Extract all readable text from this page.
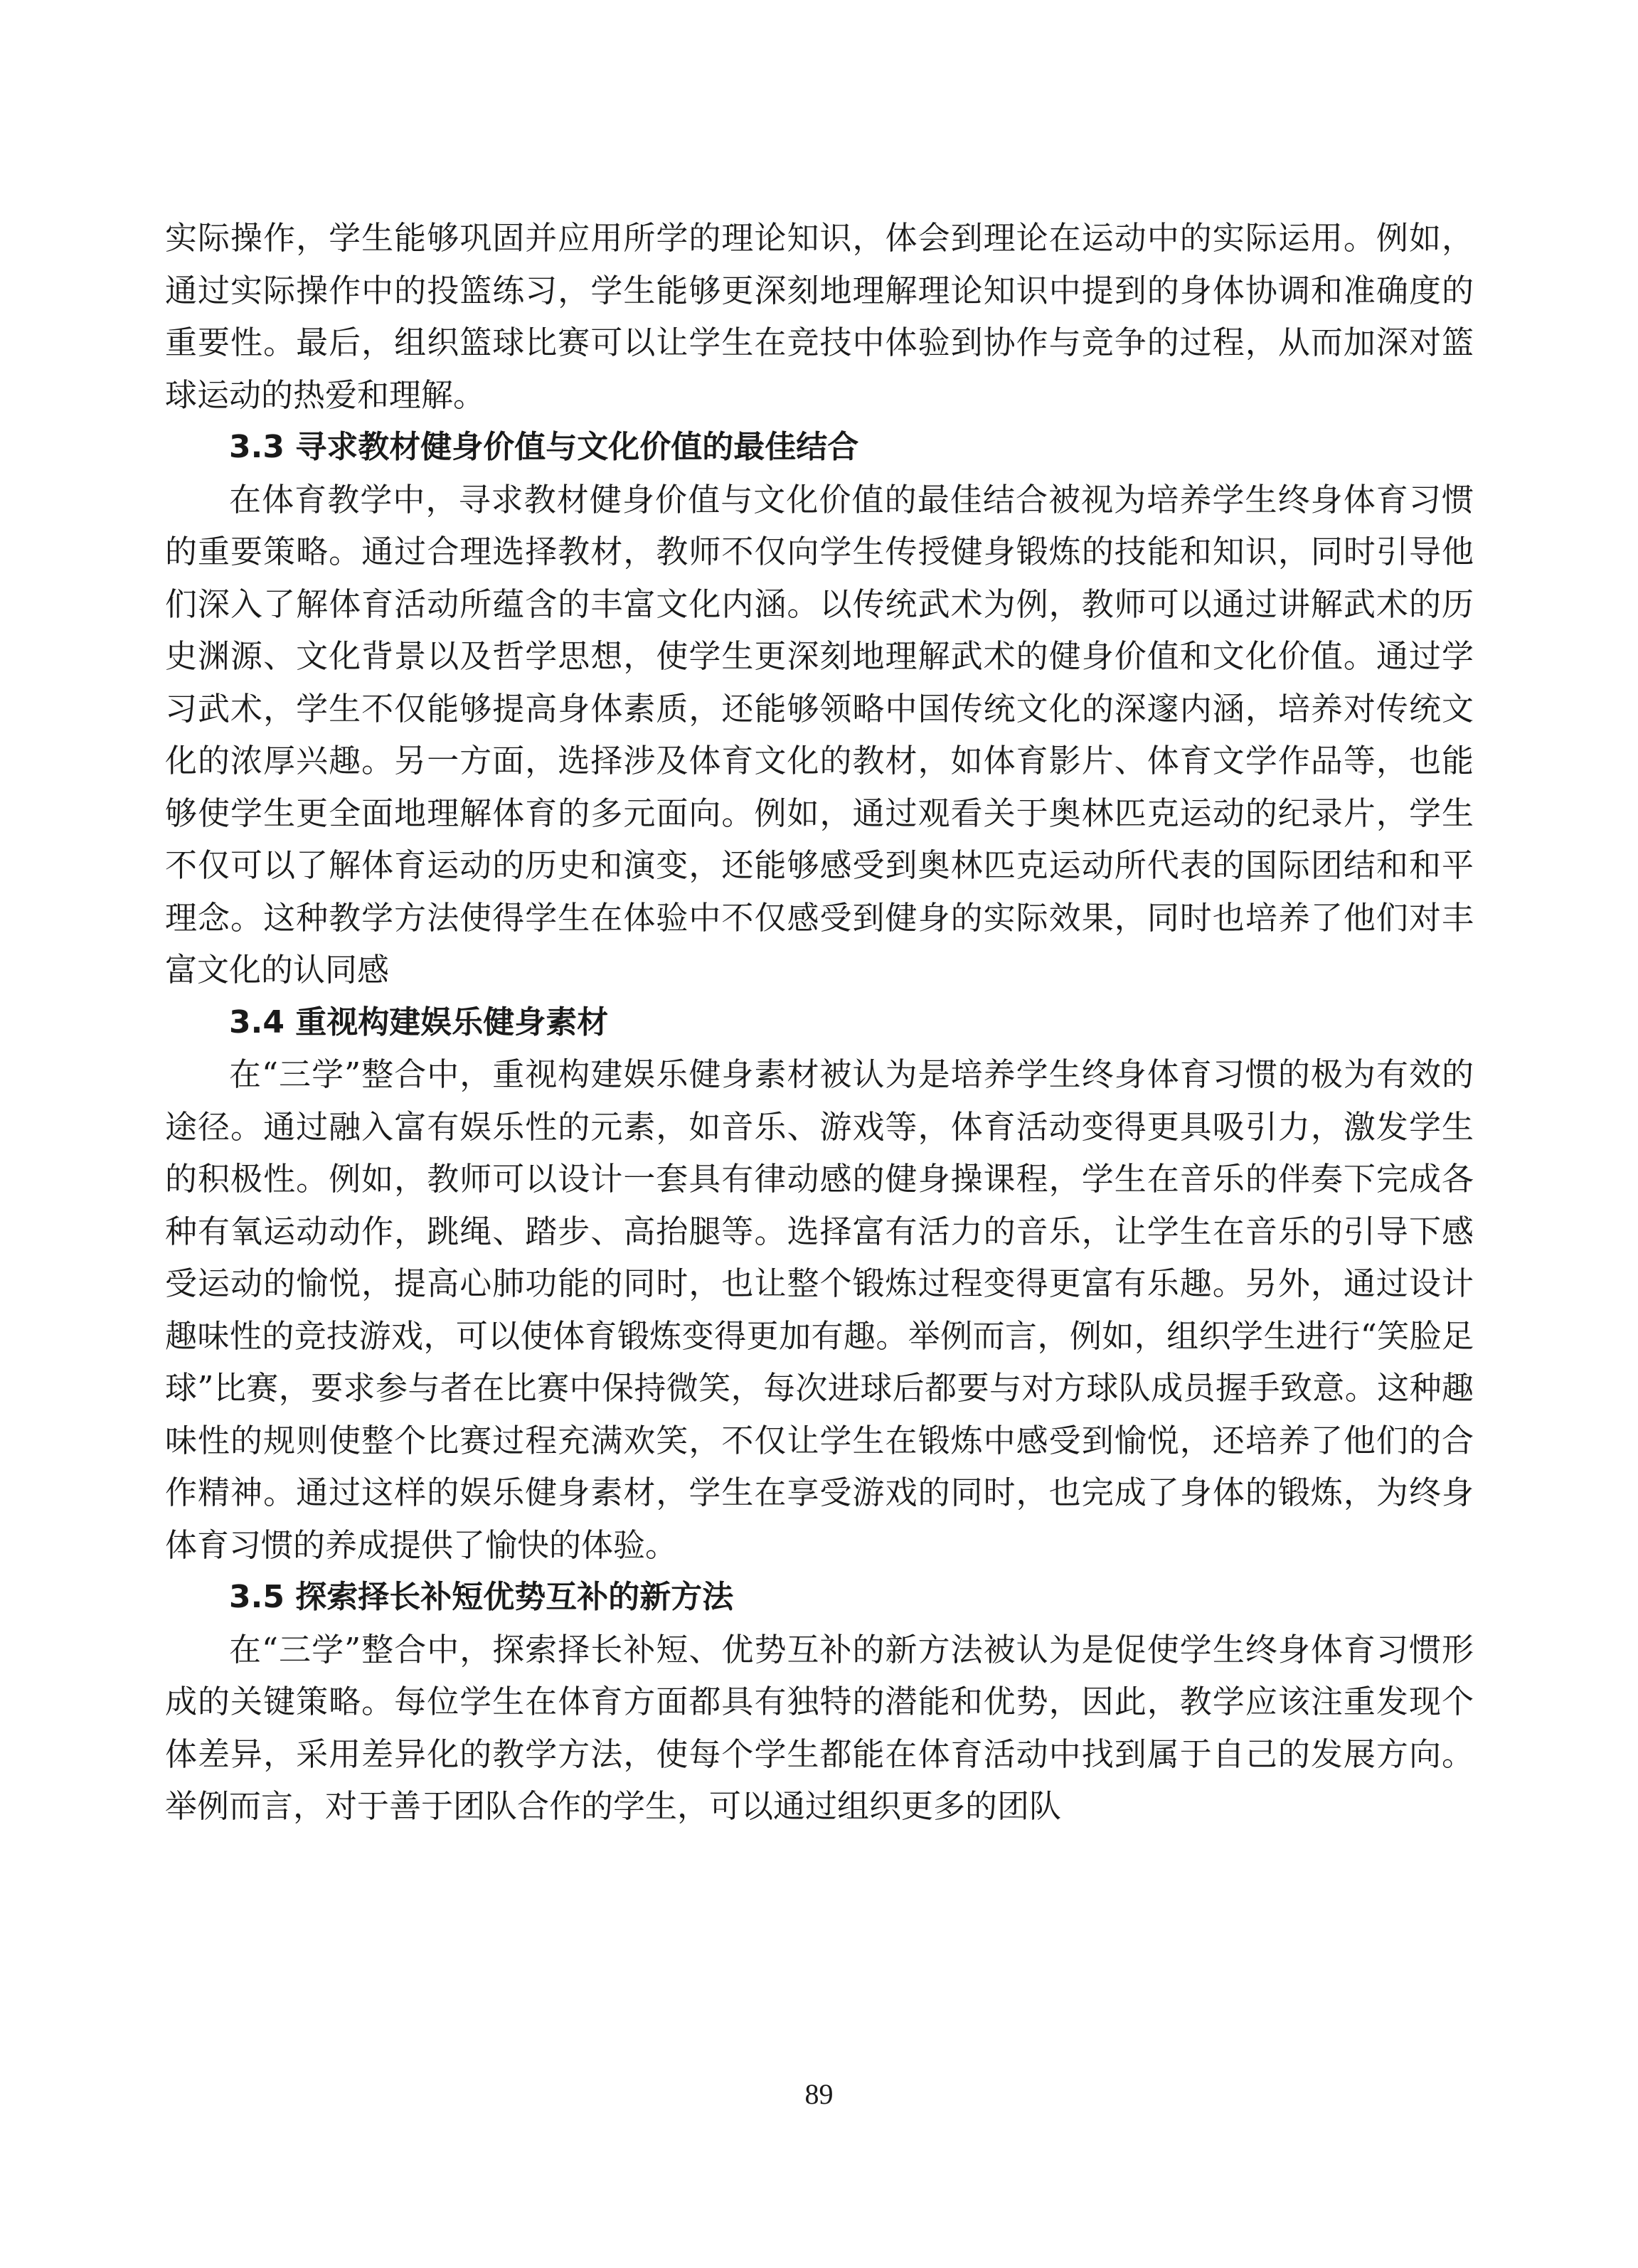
实际操作，学生能够巩固并应用所学的理论知识，体会到理论在运动中的实际运用。例如，通过实际操作中的投篮练习，学生能够更深刻地理解理论知识中提到的身体协调和准确度的重要性。最后，组织篮球比赛可以让学生在竞技中体验到协作与竞争的过程，从而加深对篮球运动的热爱和理解。

3.3 寻求教材健身价值与文化价值的最佳结合

在体育教学中，寻求教材健身价值与文化价值的最佳结合被视为培养学生终身体育习惯的重要策略。通过合理选择教材，教师不仅向学生传授健身锻炼的技能和知识，同时引导他们深入了解体育活动所蕴含的丰富文化内涵。以传统武术为例，教师可以通过讲解武术的历史渊源、文化背景以及哲学思想，使学生更深刻地理解武术的健身价值和文化价值。通过学习武术，学生不仅能够提高身体素质，还能够领略中国传统文化的深邃内涵，培养对传统文化的浓厚兴趣。另一方面，选择涉及体育文化的教材，如体育影片、体育文学作品等，也能够使学生更全面地理解体育的多元面向。例如，通过观看关于奥林匹克运动的纪录片，学生不仅可以了解体育运动的历史和演变，还能够感受到奥林匹克运动所代表的国际团结和和平理念。这种教学方法使得学生在体验中不仅感受到健身的实际效果，同时也培养了他们对丰富文化的认同感

3.4 重视构建娱乐健身素材

在“三学”整合中，重视构建娱乐健身素材被认为是培养学生终身体育习惯的极为有效的途径。通过融入富有娱乐性的元素，如音乐、游戏等，体育活动变得更具吸引力，激发学生的积极性。例如，教师可以设计一套具有律动感的健身操课程，学生在音乐的伴奏下完成各种有氧运动动作，跳绳、踏步、高抬腿等。选择富有活力的音乐，让学生在音乐的引导下感受运动的愉悦，提高心肺功能的同时，也让整个锻炼过程变得更富有乐趣。另外，通过设计趣味性的竞技游戏，可以使体育锻炼变得更加有趣。举例而言，例如，组织学生进行“笑脸足球”比赛，要求参与者在比赛中保持微笑，每次进球后都要与对方球队成员握手致意。这种趣味性的规则使整个比赛过程充满欢笑，不仅让学生在锻炼中感受到愉悦，还培养了他们的合作精神。通过这样的娱乐健身素材，学生在享受游戏的同时，也完成了身体的锻炼，为终身体育习惯的养成提供了愉快的体验。

3.5 探索择长补短优势互补的新方法

在“三学”整合中，探索择长补短、优势互补的新方法被认为是促使学生终身体育习惯形成的关键策略。每位学生在体育方面都具有独特的潜能和优势，因此，教学应该注重发现个体差异，采用差异化的教学方法，使每个学生都能在体育活动中找到属于自己的发展方向。举例而言，对于善于团队合作的学生，可以通过组织更多的团队

89
